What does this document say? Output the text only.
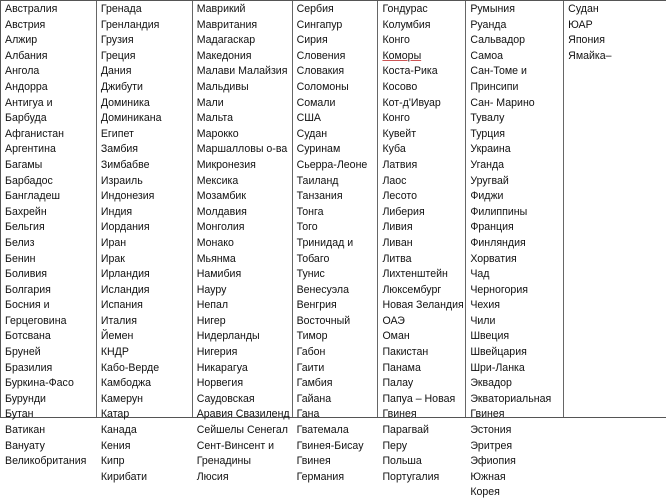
Австралия
Австрия
Алжир
Албания
Ангола
Андорра
Антигуа и
Барбуда
Афганистан
Аргентина
Багамы
Барбадос
Бангладеш
Бахрейн
Бельгия
Белиз
Бенин
Боливия
Болгария
Босния и
Герцеговина
Ботсвана
Бруней
Бразилия
Буркина-Фасо
Бурунди
Бутан
Ватикан
Вануату
Великобритания
Гренада
Гренландия
Грузия
Греция
Дания
Джибути
Доминика
Доминикана
Египет
Замбия
Зимбабве
Израиль
Индонезия
Индия
Иордания
Иран
Ирак
Ирландия
Исландия
Испания
Италия
Йемен
КНДР
Кабо-Верде
Камбоджа
Камерун
Катар
Канада
Кения
Кипр
Кирибати
Маврикий
Мавритания
Мадагаскар
Македония
Малави Малайзия
Мальдивы
Мали
Мальта
Марокко
Маршалловы о-ва
Микронезия
Мексика
Мозамбик
Молдавия
Монголия
Монако
Мьянма
Намибия
Науру
Непал
Нигер
Нидерланды
Нигерия
Никарагуа
Норвегия
Саудовская
Аравия Свазиленд
Сейшелы Сенегал
Сент-Винсент и
Гренадины
Люсия
Сербия
Сингапур
Сирия
Словения
Словакия
Соломоны
Сомали
США
Судан
Суринам
Сьерра-Леоне
Таиланд
Танзания
Тонга
Того
Тринидад и
Тобаго
Тунис
Венесуэла
Венгрия
Восточный
Тимор
Габон
Гаити
Гамбия
Гайана
Гана
Гватемала
Гвинея-Бисау
Гвинея
Германия
Гондурас
Колумбия
Конго
Коморы
Коста-Рика
Косово
Кот-д'Ивуар
Конго
Кувейт
Куба
Латвия
Лаос
Лесото
Либерия
Ливия
Ливан
Литва
Лихтенштейн
Люксембург
Новая Зеландия
ОАЭ
Оман
Пакистан
Панама
Палау
Папуа – Новая
Гвинея
Парагвай
Перу
Польша
Португалия
Румыния
Руанда
Сальвадор
Самоа
Сан-Томе и
Принсипи
Сан- Марино
Тувалу
Турция
Украина
Уганда
Уругвай
Фиджи
Филиппины
Франция
Финляндия
Хорватия
Чад
Черногория
Чехия
Чили
Швеция
Швейцария
Шри-Ланка
Эквадор
Экваториальная
Гвинея
Эстония
Эритрея
Эфиопия
Южная
Корея
Судан
ЮАР
Япония
Ямайка–
